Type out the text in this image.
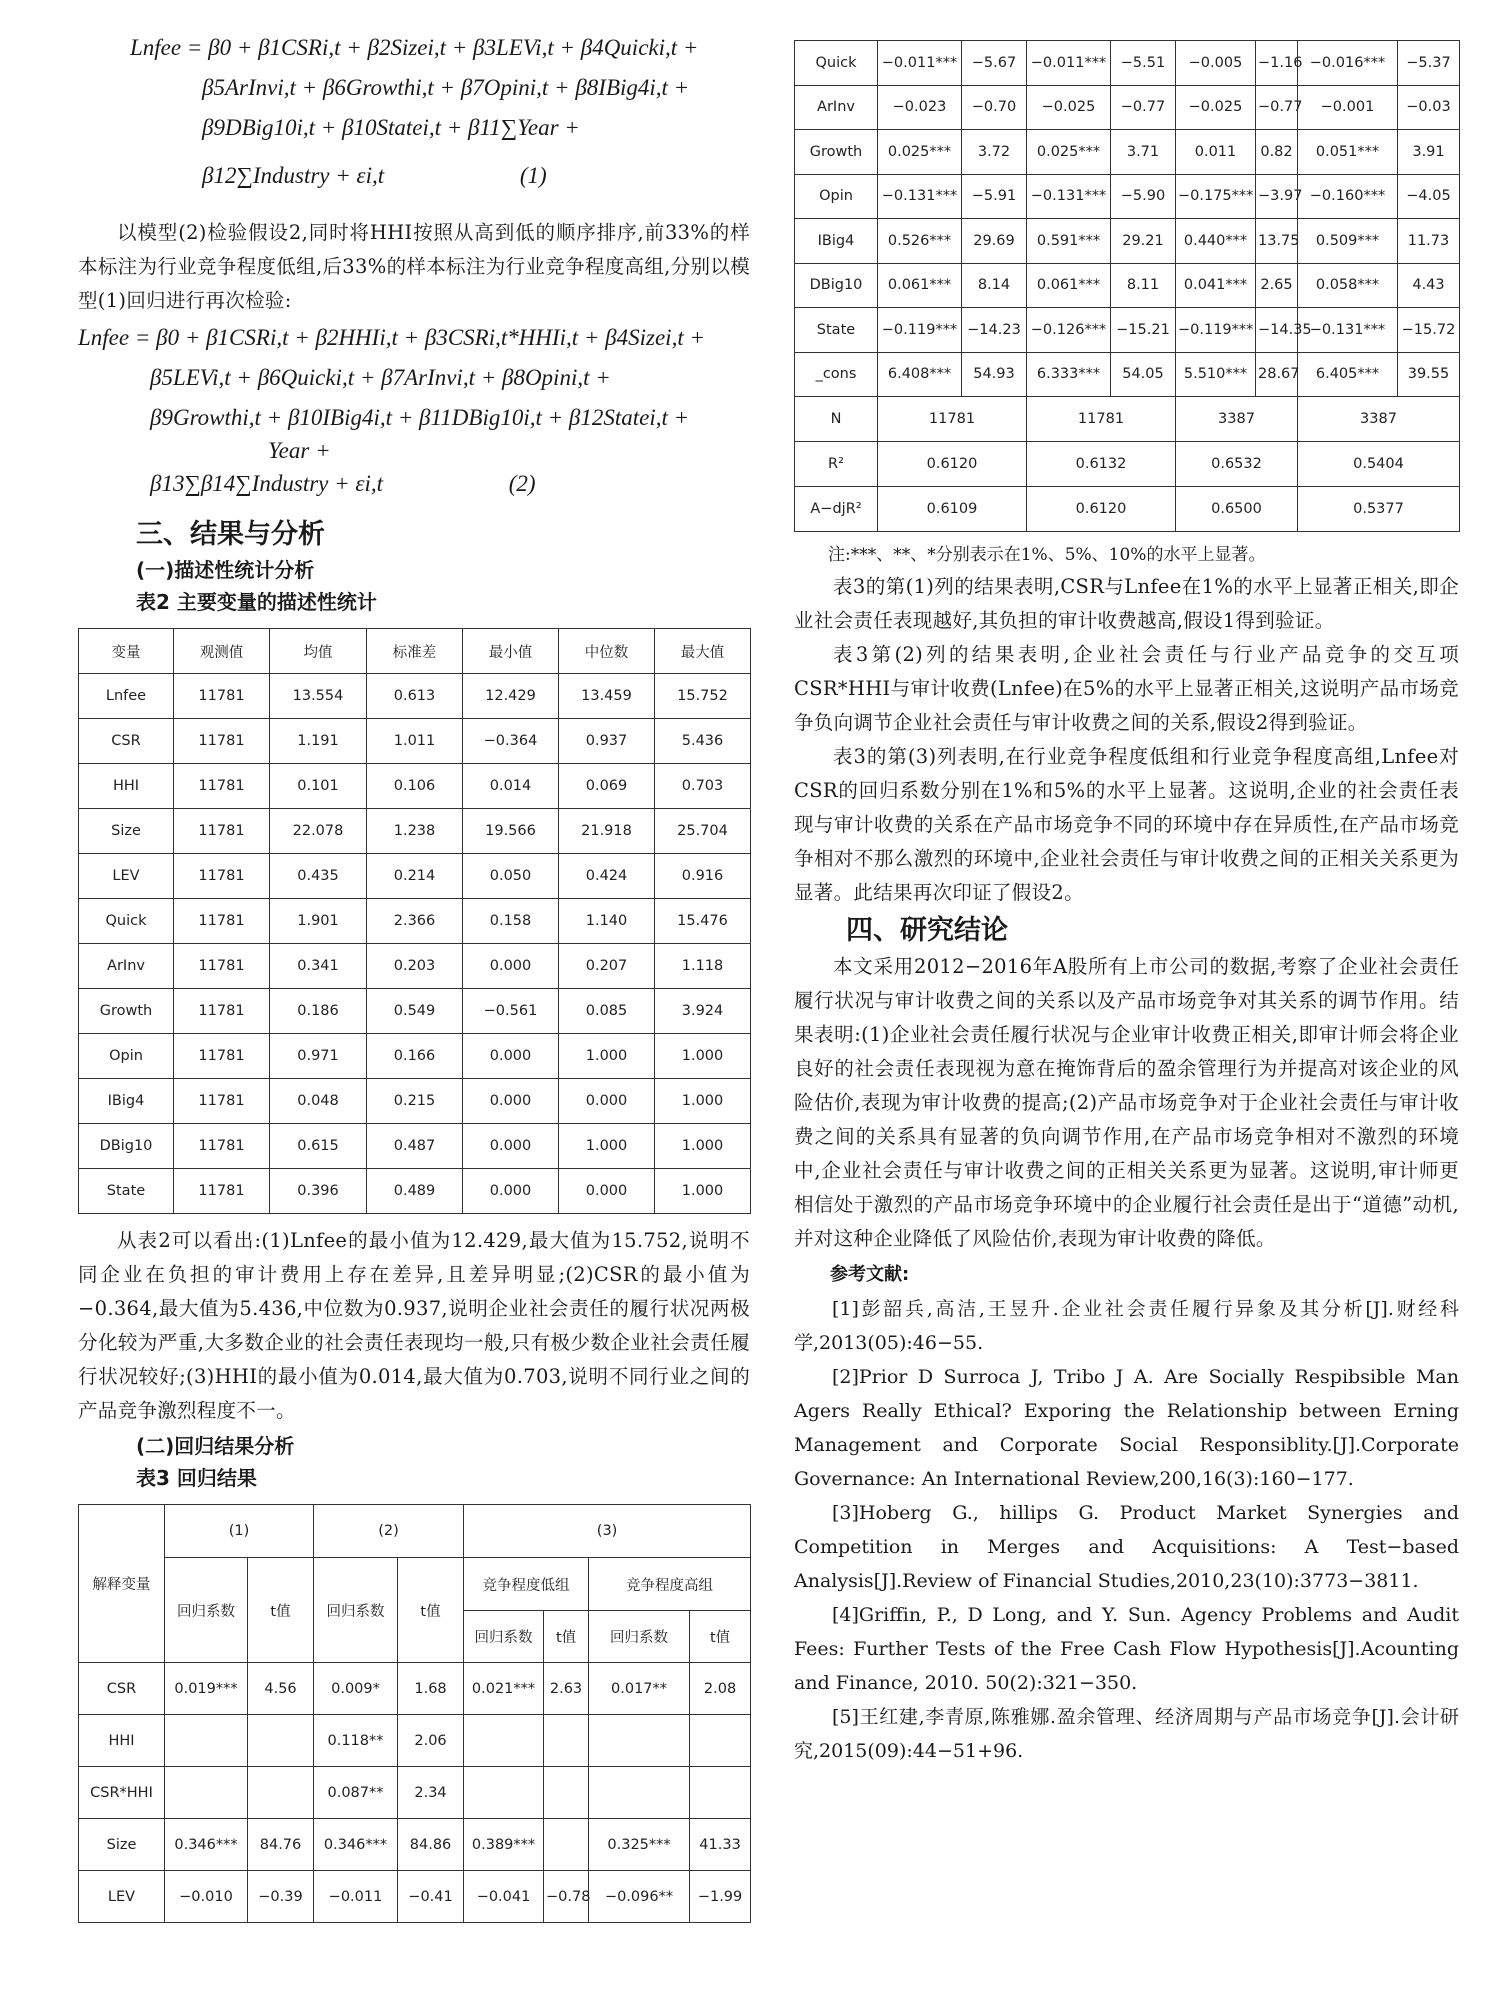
Lnfee = β0 + β1CSRi,t + β2Sizei,t + β3LEVi,t + β4Quicki,t +
β5ArInvi,t + β6Growthi,t + β7Opini,t + β8IBig4i,t +
β9DBig10i,t + β10Statei,t + β11∑Year +
β12∑Industry + εi,t	(1)

以模型(2)检验假设2,同时将HHI按照从高到低的顺序排序,前33%的样本标注为行业竞争程度低组,后33%的样本标注为行业竞争程度高组,分别以模型(1)回归进行再次检验:

Lnfee = β0 + β1CSRi,t + β2HHIi,t + β3CSRi,t*HHIi,t + β4Sizei,t +
β5LEVi,t + β6Quicki,t + β7ArInvi,t + β8Opini,t +
β9Growthi,t + β10IBig4i,t + β11DBig10i,t + β12Statei,t +
Year +
β13∑β14∑Industry + εi,t	(2)
三、结果与分析
(一)描述性统计分析
表2 主要变量的描述性统计
变量	观测值	均值	标准差	最小值	中位数	最大值
Lnfee	11781	13.554	0.613	12.429	13.459	15.752
CSR	11781	1.191	1.011	−0.364	0.937	5.436
HHI	11781	0.101	0.106	0.014	0.069	0.703
Size	11781	22.078	1.238	19.566	21.918	25.704
LEV	11781	0.435	0.214	0.050	0.424	0.916
Quick	11781	1.901	2.366	0.158	1.140	15.476
ArInv	11781	0.341	0.203	0.000	0.207	1.118
Growth	11781	0.186	0.549	−0.561	0.085	3.924
Opin	11781	0.971	0.166	0.000	1.000	1.000
IBig4	11781	0.048	0.215	0.000	0.000	1.000
DBig10	11781	0.615	0.487	0.000	1.000	1.000
State	11781	0.396	0.489	0.000	0.000	1.000

从表2可以看出:(1)Lnfee的最小值为12.429,最大值为15.752,说明不同企业在负担的审计费用上存在差异,且差异明显;(2)CSR的最小值为−0.364,最大值为5.436,中位数为0.937,说明企业社会责任的履行状况两极分化较为严重,大多数企业的社会责任表现均一般,只有极少数企业社会责任履行状况较好;(3)HHI的最小值为0.014,最大值为0.703,说明不同行业之间的产品竞争激烈程度不一。

(二)回归结果分析
表3 回归结果
解释变量	(1)		(2)		(3)			
	回归系数	t值	回归系数	t值	竞争程度低组		竞争程度高组	
					回归系数	t值	回归系数	t值
CSR	0.019***	4.56	0.009*	1.68	0.021***	2.63	0.017**	2.08
HHI			0.118**	2.06				
CSR*HHI			0.087**	2.34				
Size	0.346***	84.76	0.346***	84.86	0.389***		0.325***	41.33
LEV	−0.010	−0.39	−0.011	−0.41	−0.041	−0.78	−0.096**	−1.99
Quick	−0.011***	−5.67	−0.011***	−5.51	−0.005	−1.16	−0.016***	−5.37
ArInv	−0.023	−0.70	−0.025	−0.77	−0.025	−0.77	−0.001	−0.03
Growth	0.025***	3.72	0.025***	3.71	0.011	0.82	0.051***	3.91
Opin	−0.131***	−5.91	−0.131***	−5.90	−0.175***	−3.97	−0.160***	−4.05
IBig4	0.526***	29.69	0.591***	29.21	0.440***	13.75	0.509***	11.73
DBig10	0.061***	8.14	0.061***	8.11	0.041***	2.65	0.058***	4.43
State	−0.119***	−14.23	−0.126***	−15.21	−0.119***	−14.35	−0.131***	−15.72
_cons	6.408***	54.93	6.333***	54.05	5.510***	28.67	6.405***	39.55
N	11781		11781		3387		3387	
R²	0.6120		0.6132		0.6532		0.5404	
A−djR²	0.6109		0.6120		0.6500		0.5377	

注:***、**、*分别表示在1%、5%、10%的水平上显著。

表3的第(1)列的结果表明,CSR与Lnfee在1%的水平上显著正相关,即企业社会责任表现越好,其负担的审计收费越高,假设1得到验证。

表3第(2)列的结果表明,企业社会责任与行业产品竞争的交互项CSR*HHI与审计收费(Lnfee)在5%的水平上显著正相关,这说明产品市场竞争负向调节企业社会责任与审计收费之间的关系,假设2得到验证。

表3的第(3)列表明,在行业竞争程度低组和行业竞争程度高组,Lnfee对CSR的回归系数分别在1%和5%的水平上显著。这说明,企业的社会责任表现与审计收费的关系在产品市场竞争不同的环境中存在异质性,在产品市场竞争相对不那么激烈的环境中,企业社会责任与审计收费之间的正相关关系更为显著。此结果再次印证了假设2。

四、研究结论

本文采用2012−2016年A股所有上市公司的数据,考察了企业社会责任履行状况与审计收费之间的关系以及产品市场竞争对其关系的调节作用。结果表明:(1)企业社会责任履行状况与企业审计收费正相关,即审计师会将企业良好的社会责任表现视为意在掩饰背后的盈余管理行为并提高对该企业的风险估价,表现为审计收费的提高;(2)产品市场竞争对于企业社会责任与审计收费之间的关系具有显著的负向调节作用,在产品市场竞争相对不激烈的环境中,企业社会责任与审计收费之间的正相关关系更为显著。这说明,审计师更相信处于激烈的产品市场竞争环境中的企业履行社会责任是出于“道德”动机,并对这种企业降低了风险估价,表现为审计收费的降低。

参考文献:

[1]彭韶兵,高洁,王昱升.企业社会责任履行异象及其分析[J].财经科学,2013(05):46−55.

[2]Prior D Surroca J, Tribo J A. Are Socially Respibsible Man Agers Really Ethical? Exporing the Relationship between Erning Management and Corporate Social Responsiblity.[J].Corporate Governance: An International Review,200,16(3):160−177.

[3]Hoberg G., hillips G. Product Market Synergies and Competition in Merges and Acquisitions: A Test−based Analysis[J].Review of Financial Studies,2010,23(10):3773−3811.

[4]Griffin, P., D Long, and Y. Sun. Agency Problems and Audit Fees: Further Tests of the Free Cash Flow Hypothesis[J].Acounting and Finance, 2010. 50(2):321−350.

[5]王红建,李青原,陈雅娜.盈余管理、经济周期与产品市场竞争[J].会计研究,2015(09):44−51+96.
